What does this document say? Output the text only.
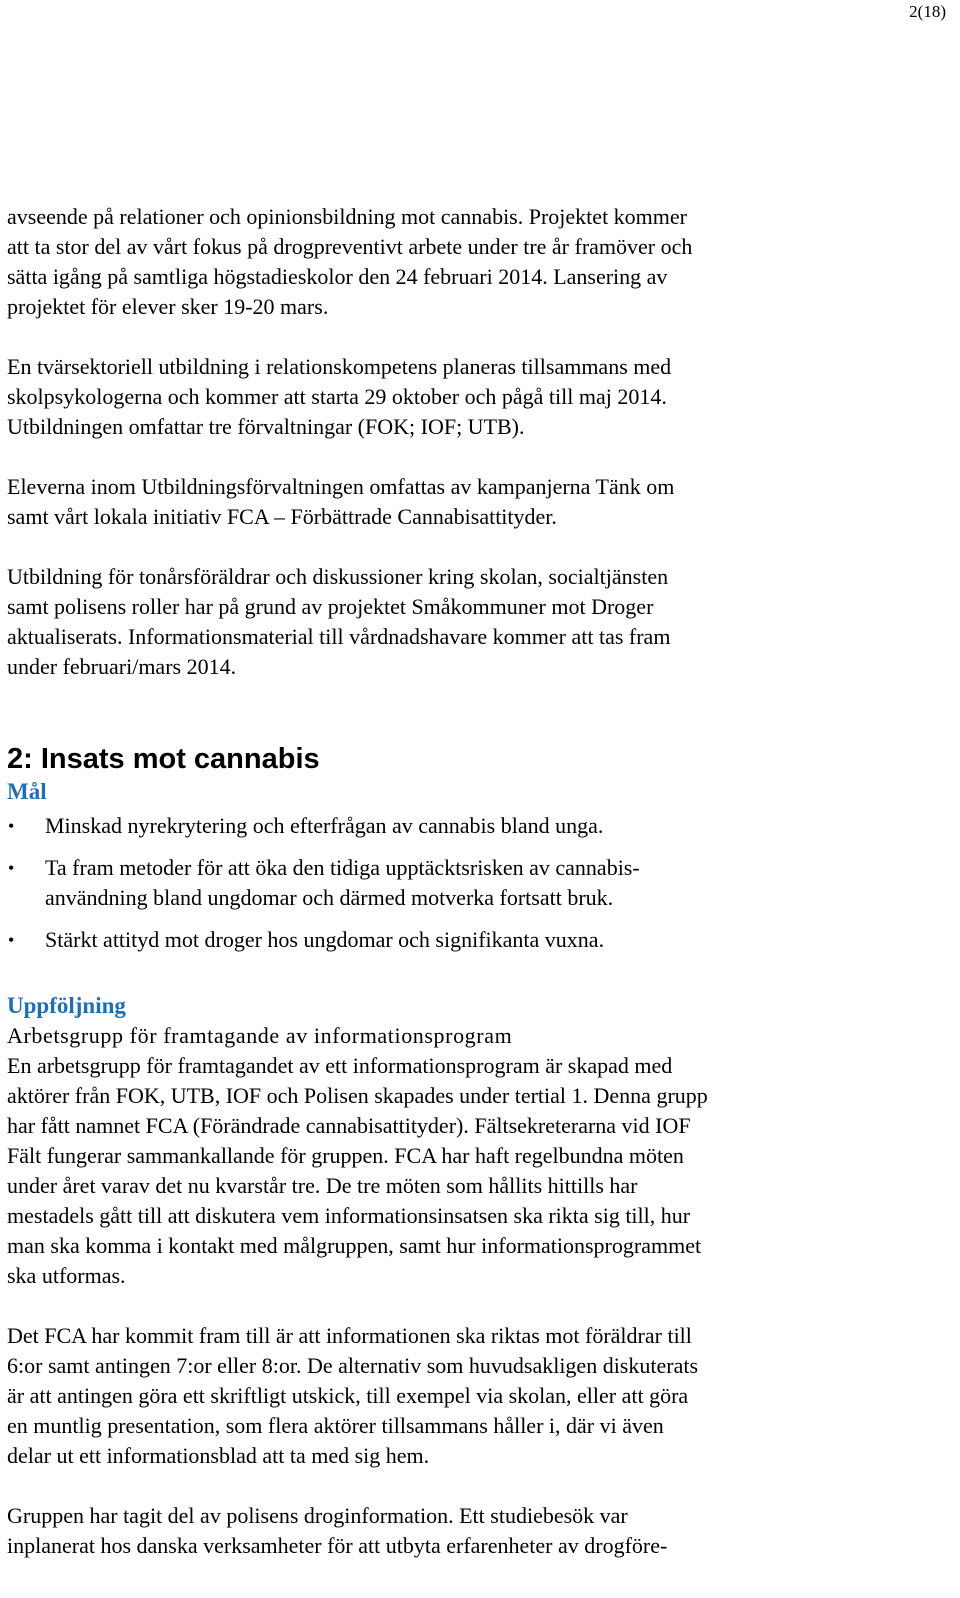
2(18)

avseende på relationer och opinionsbildning mot cannabis. Projektet kommer
att ta stor del av vårt fokus på drogpreventivt arbete under tre år framöver och
sätta igång på samtliga högstadieskolor den 24 februari 2014. Lansering av
projektet för elever sker 19-20 mars.

En tvärsektoriell utbildning i relationskompetens planeras tillsammans med
skolpsykologerna och kommer att starta 29 oktober och pågå till maj 2014.
Utbildningen omfattar tre förvaltningar (FOK; IOF; UTB).

Eleverna inom Utbildningsförvaltningen omfattas av kampanjerna Tänk om
samt vårt lokala initiativ FCA – Förbättrade Cannabisattityder.

Utbildning för tonårsföräldrar och diskussioner kring skolan, socialtjänsten
samt polisens roller har på grund av projektet Småkommuner mot Droger
aktualiserats. Informationsmaterial till vårdnadshavare kommer att tas fram
under februari/mars 2014.

2: Insats mot cannabis
Mål
• Minskad nyrekrytering och efterfrågan av cannabis bland unga.
• Ta fram metoder för att öka den tidiga upptäcktsrisken av cannabis-
användning bland ungdomar och därmed motverka fortsatt bruk.
• Stärkt attityd mot droger hos ungdomar och signifikanta vuxna.
Uppföljning

Arbetsgrupp för framtagande av informationsprogram

En arbetsgrupp för framtagandet av ett informationsprogram är skapad med
aktörer från FOK, UTB, IOF och Polisen skapades under tertial 1. Denna grupp
har fått namnet FCA (Förändrade cannabisattityder). Fältsekreterarna vid IOF
Fält fungerar sammankallande för gruppen. FCA har haft regelbundna möten
under året varav det nu kvarstår tre. De tre möten som hållits hittills har
mestadels gått till att diskutera vem informationsinsatsen ska rikta sig till, hur
man ska komma i kontakt med målgruppen, samt hur informationsprogrammet
ska utformas.

Det FCA har kommit fram till är att informationen ska riktas mot föräldrar till
6:or samt antingen 7:or eller 8:or. De alternativ som huvudsakligen diskuterats
är att antingen göra ett skriftligt utskick, till exempel via skolan, eller att göra
en muntlig presentation, som flera aktörer tillsammans håller i, där vi även
delar ut ett informationsblad att ta med sig hem.

Gruppen har tagit del av polisens droginformation. Ett studiebesök var
inplanerat hos danska verksamheter för att utbyta erfarenheter av drogföre-
